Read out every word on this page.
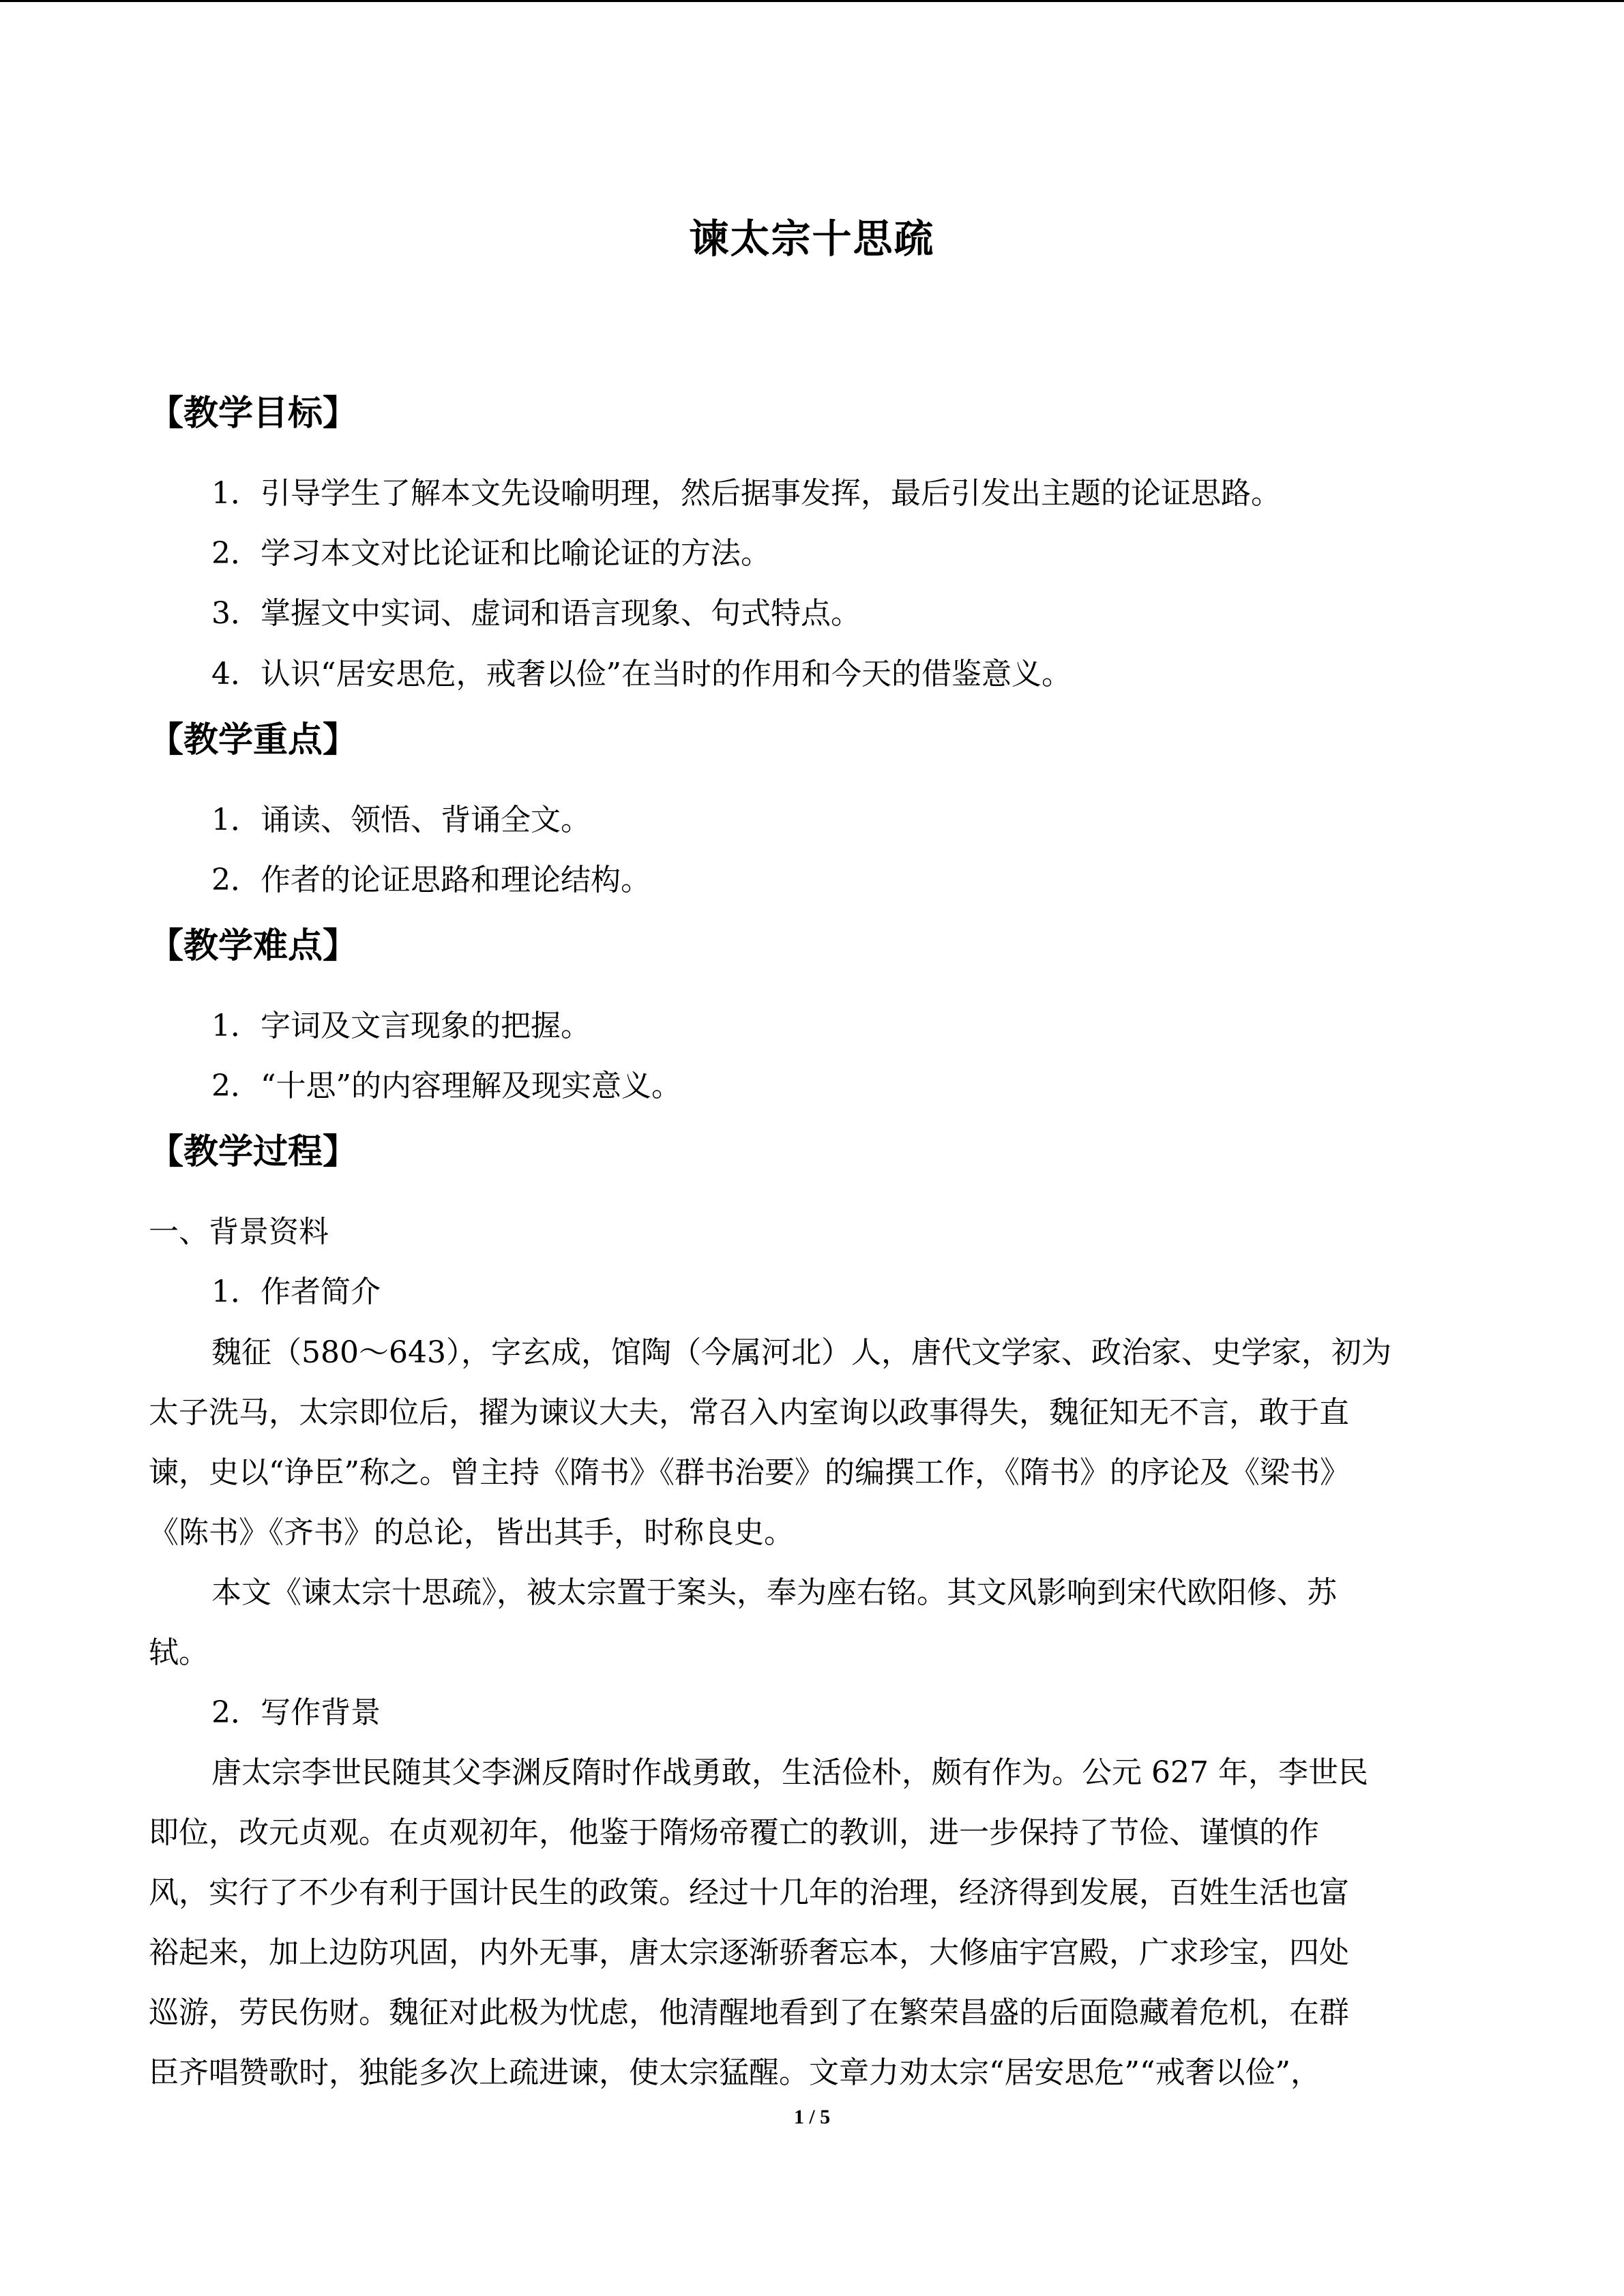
谏太宗十思疏
【教学目标】
1．引导学生了解本文先设喻明理，然后据事发挥，最后引发出主题的论证思路。
2．学习本文对比论证和比喻论证的方法。
3．掌握文中实词、虚词和语言现象、句式特点。
4．认识“居安思危，戒奢以俭”在当时的作用和今天的借鉴意义。
【教学重点】
1．诵读、领悟、背诵全文。
2．作者的论证思路和理论结构。
【教学难点】
1．字词及文言现象的把握。
2．“十思”的内容理解及现实意义。
【教学过程】
一、背景资料
1．作者简介
魏征（580～643），字玄成，馆陶（今属河北）人，唐代文学家、政治家、史学家，初为
太子洗马，太宗即位后，擢为谏议大夫，常召入内室询以政事得失，魏征知无不言，敢于直
谏，史以“诤臣”称之。曾主持《隋书》《群书治要》的编撰工作，《隋书》的序论及《梁书》
《陈书》《齐书》的总论，皆出其手，时称良史。
本文《谏太宗十思疏》，被太宗置于案头，奉为座右铭。其文风影响到宋代欧阳修、苏
轼。
2．写作背景
唐太宗李世民随其父李渊反隋时作战勇敢，生活俭朴，颇有作为。公元 627 年，李世民
即位，改元贞观。在贞观初年，他鉴于隋炀帝覆亡的教训，进一步保持了节俭、谨慎的作
风，实行了不少有利于国计民生的政策。经过十几年的治理，经济得到发展，百姓生活也富
裕起来，加上边防巩固，内外无事，唐太宗逐渐骄奢忘本，大修庙宇宫殿，广求珍宝，四处
巡游，劳民伤财。魏征对此极为忧虑，他清醒地看到了在繁荣昌盛的后面隐藏着危机，在群
臣齐唱赞歌时，独能多次上疏进谏，使太宗猛醒。文章力劝太宗“居安思危”“戒奢以俭”，
1 / 5
